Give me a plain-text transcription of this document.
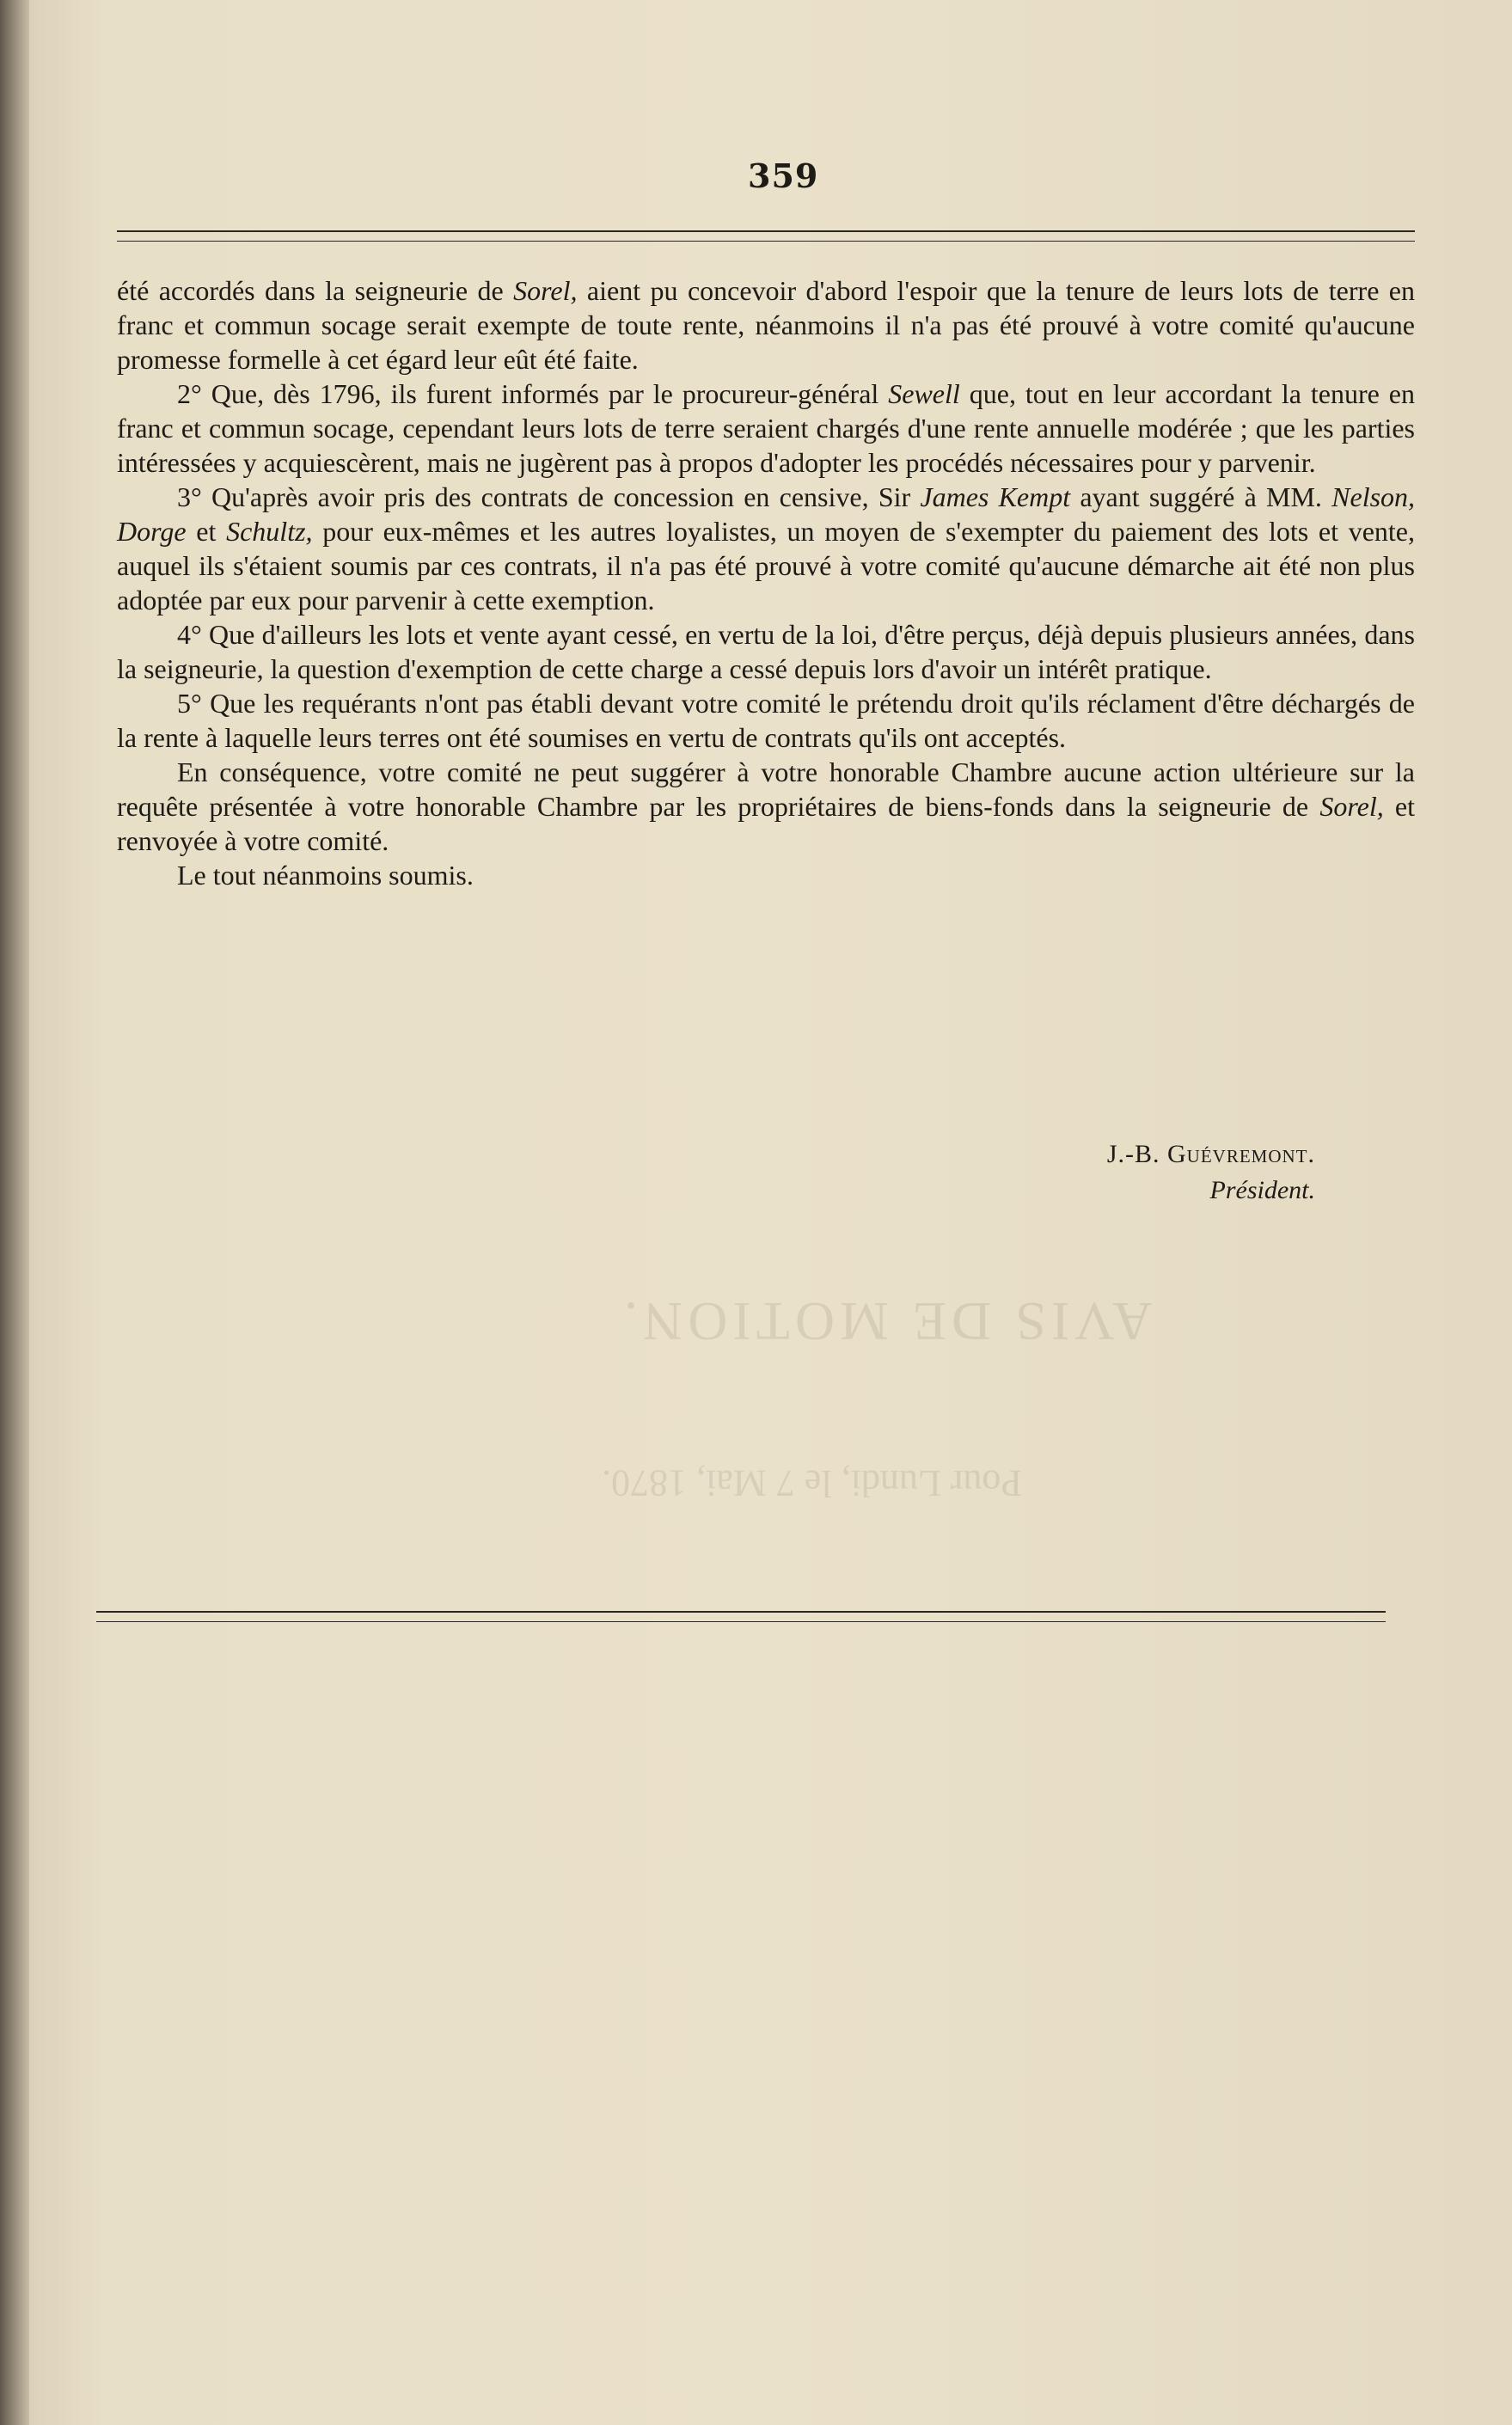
359

été accordés dans la seigneurie de Sorel, aient pu concevoir d'abord l'espoir que la tenure de leurs lots de terre en franc et commun socage serait exempte de toute rente, néanmoins il n'a pas été prouvé à votre comité qu'aucune promesse formelle à cet égard leur eût été faite.

2° Que, dès 1796, ils furent informés par le procureur-général Sewell que, tout en leur accordant la tenure en franc et commun socage, cependant leurs lots de terre seraient chargés d'une rente annuelle modérée ; que les parties intéressées y acquiescèrent, mais ne jugèrent pas à propos d'adopter les procédés nécessaires pour y parvenir.

3° Qu'après avoir pris des contrats de concession en censive, Sir James Kempt ayant suggéré à MM. Nelson, Dorge et Schultz, pour eux-mêmes et les autres loyalistes, un moyen de s'exempter du paiement des lots et vente, auquel ils s'étaient soumis par ces contrats, il n'a pas été prouvé à votre comité qu'aucune démarche ait été non plus adoptée par eux pour parvenir à cette exemption.

4° Que d'ailleurs les lots et vente ayant cessé, en vertu de la loi, d'être perçus, déjà depuis plusieurs années, dans la seigneurie, la question d'exemption de cette charge a cessé depuis lors d'avoir un intérêt pratique.

5° Que les requérants n'ont pas établi devant votre comité le prétendu droit qu'ils réclament d'être déchargés de la rente à laquelle leurs terres ont été soumises en vertu de contrats qu'ils ont acceptés.

En conséquence, votre comité ne peut suggérer à votre honorable Chambre aucune action ultérieure sur la requête présentée à votre honorable Chambre par les propriétaires de biens-fonds dans la seigneurie de Sorel, et renvoyée à votre comité.

Le tout néanmoins soumis.

J.-B. Guévremont.
Président.
AVIS DE MOTION.
Pour Lundi, le 7 Mai, 1870.
